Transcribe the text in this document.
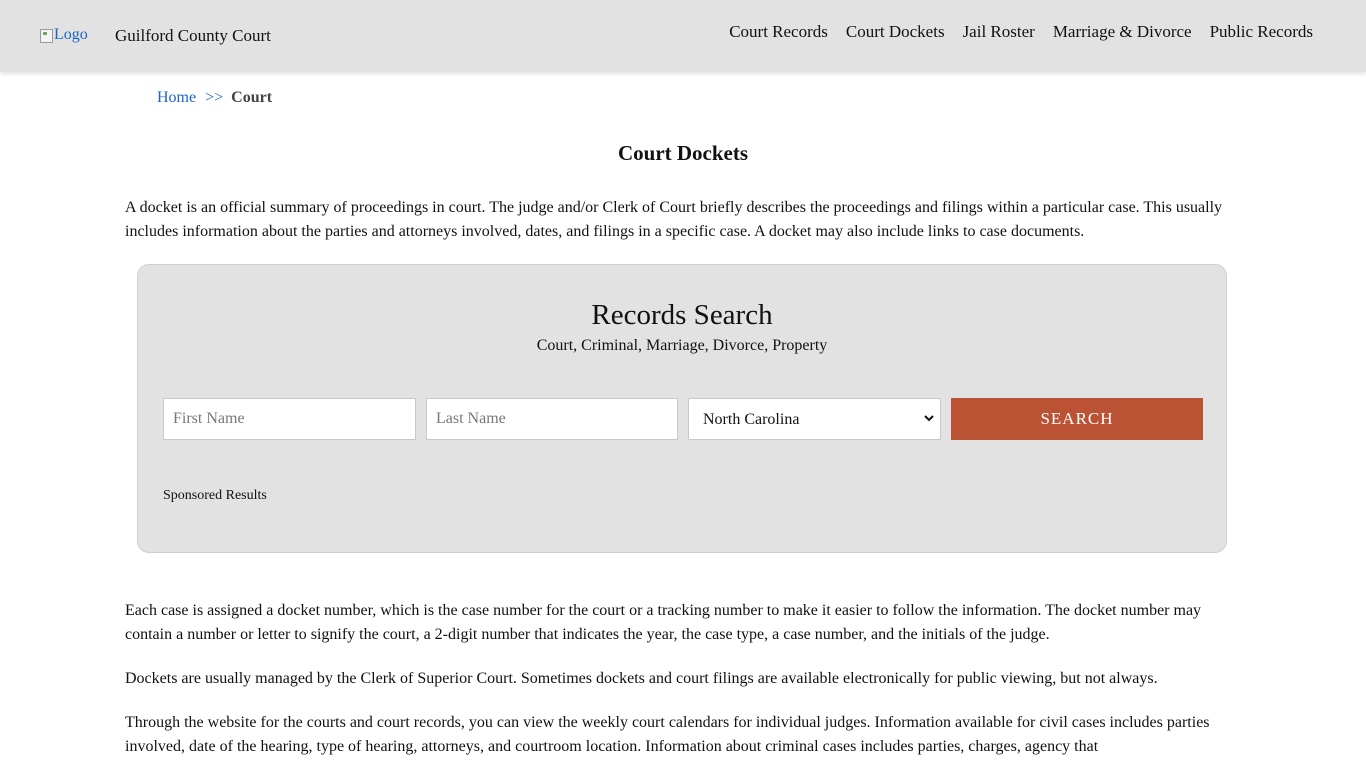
Logo Guilford County Court	Court Records Court Dockets Jail Roster Marriage & Divorce Public Records
Home >> Court
Court Dockets

A docket is an official summary of proceedings in court. The judge and/or Clerk of Court briefly describes the proceedings and filings within a particular case. This usually includes information about the parties and attorneys involved, dates, and filings in a specific case. A docket may also include links to case documents.

Records Search
Court, Criminal, Marriage, Divorce, Property
First Name
Last Name
North Carolina	SEARCH
Sponsored Results

Each case is assigned a docket number, which is the case number for the court or a tracking number to make it easier to follow the information. The docket number may contain a number or letter to signify the court, a 2-digit number that indicates the year, the case type, a case number, and the initials of the judge.

Dockets are usually managed by the Clerk of Superior Court. Sometimes dockets and court filings are available electronically for public viewing, but not always.

Through the website for the courts and court records, you can view the weekly court calendars for individual judges. Information available for civil cases includes parties involved, date of the hearing, type of hearing, attorneys, and courtroom location. Information about criminal cases includes parties, charges, agency that
